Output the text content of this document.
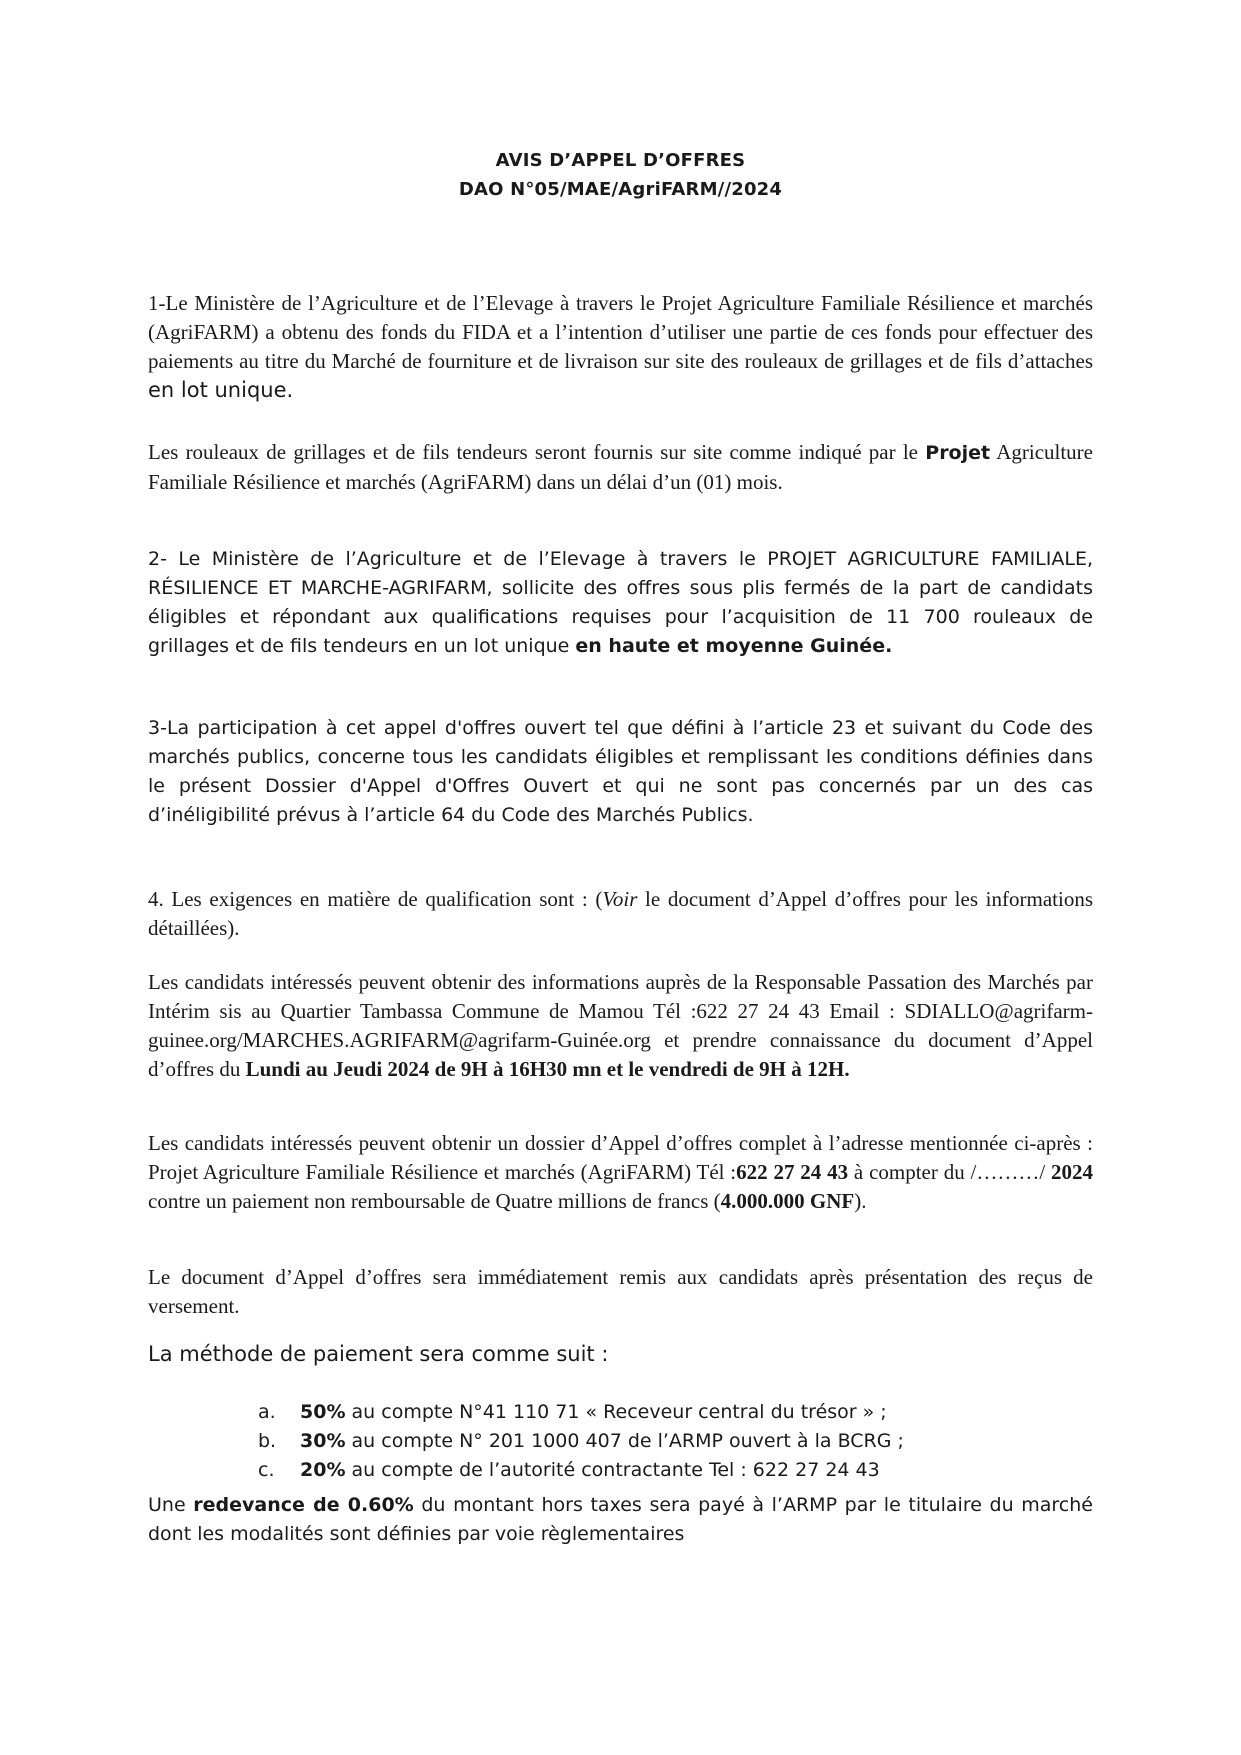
AVIS D’APPEL D’OFFRES
DAO N°05/MAE/AgriFARM//2024
1-Le Ministère de l’Agriculture et de l’Elevage à travers le Projet Agriculture Familiale Résilience et marchés (AgriFARM) a obtenu des fonds du FIDA et a l’intention d’utiliser une partie de ces fonds pour effectuer des paiements au titre du Marché de fourniture et de livraison sur site des rouleaux de grillages et de fils d’attaches en lot unique.
Les rouleaux de grillages et de fils tendeurs seront fournis sur site comme indiqué par le Projet Agriculture Familiale Résilience et marchés (AgriFARM) dans un délai d’un (01) mois.
2- Le Ministère de l’Agriculture et de l’Elevage à travers le PROJET AGRICULTURE FAMILIALE, RÉSILIENCE ET MARCHE-AGRIFARM, sollicite des offres sous plis fermés de la part de candidats éligibles et répondant aux qualifications requises pour l’acquisition de 11 700 rouleaux de grillages et de fils tendeurs en un lot unique en haute et moyenne Guinée.
3-La participation à cet appel d'offres ouvert tel que défini à l’article 23 et suivant du Code des marchés publics, concerne tous les candidats éligibles et remplissant les conditions définies dans le présent Dossier d'Appel d'Offres Ouvert et qui ne sont pas concernés par un des cas d’inéligibilité prévus à l’article 64 du Code des Marchés Publics.
4. Les exigences en matière de qualification sont : (Voir le document d’Appel d’offres pour les informations détaillées).
Les candidats intéressés peuvent obtenir des informations auprès de la Responsable Passation des Marchés par Intérim sis au Quartier Tambassa Commune de Mamou Tél :622 27 24 43 Email : SDIALLO@agrifarm-guinee.org/MARCHES.AGRIFARM@agrifarm-Guinée.org et prendre connaissance du document d’Appel d’offres du Lundi au Jeudi 2024 de 9H à 16H30 mn et le vendredi de 9H à 12H.
Les candidats intéressés peuvent obtenir un dossier d’Appel d’offres complet à l’adresse mentionnée ci-après : Projet Agriculture Familiale Résilience et marchés (AgriFARM) Tél :622 27 24 43 à compter du /………/ 2024 contre un paiement non remboursable de Quatre millions de francs (4.000.000 GNF).
Le document d’Appel d’offres sera immédiatement remis aux candidats après présentation des reçus de versement.
La méthode de paiement sera comme suit :
a.	50% au compte N°41 110 71 « Receveur central du trésor » ;
b.	30% au compte N° 201 1000 407 de l’ARMP ouvert à la BCRG ;
c.	20% au compte de l’autorité contractante Tel : 622 27 24 43
Une redevance de 0.60% du montant hors taxes sera payé à l’ARMP par le titulaire du marché dont les modalités sont définies par voie règlementaires
